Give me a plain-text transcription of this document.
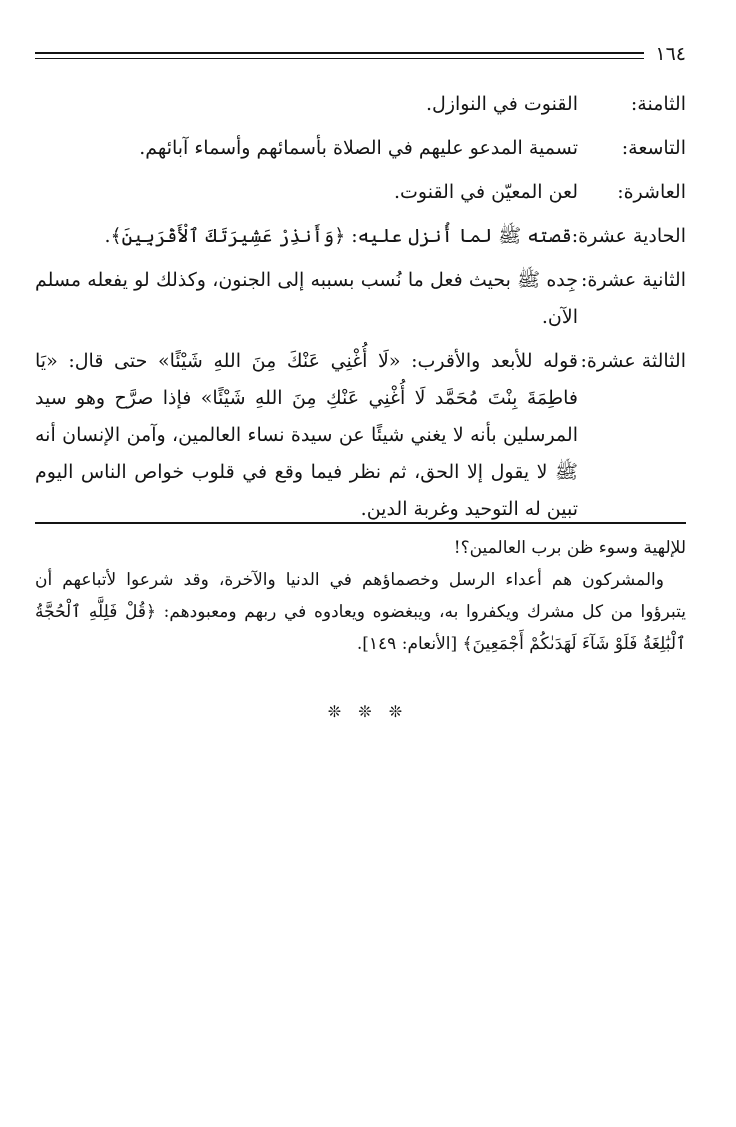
١٦٤
الثامنة:
القنوت في النوازل.
التاسعة:
تسمية المدعو عليهم في الصلاة بأسمائهم وأسماء آبائهم.
العاشرة:
لعن المعيّن في القنوت.
الحادية عشرة:
قصته ﷺ لما أُنزل عليه: ﴿وَأَنذِرْ عَشِيرَتَكَ ٱلْأَقْرَبِينَ﴾.
الثانية عشرة:
جِده ﷺ بحيث فعل ما نُسب بسببه إلى الجنون، وكذلك لو يفعله مسلم الآن.
الثالثة عشرة:
قوله للأبعد والأقرب: «لَا أُغْنِي عَنْكَ مِنَ اللهِ شَيْئًا» حتى قال: «يَا فاطِمَةَ بِنْتَ مُحَمَّد لَا أُغْنِي عَنْكِ مِنَ اللهِ شَيْئًا» فإذا صرَّح وهو سيد المرسلين بأنه لا يغني شيئًا عن سيدة نساء العالمين، وآمن الإنسان أنه ﷺ لا يقول إلا الحق، ثم نظر فيما وقع في قلوب خواص الناس اليوم تبين له التوحيد وغربة الدين.

للإلهية وسوء ظن برب العالمين؟!

والمشركون هم أعداء الرسل وخصماؤهم في الدنيا والآخرة، وقد شرعوا لأتباعهم أن يتبرؤوا من كل مشرك ويكفروا به، ويبغضوه ويعادوه في ربهم ومعبودهم: ﴿قُلْ فَلِلَّهِ ٱلْحُجَّةُ ٱلْبَٰلِغَةُ فَلَوْ شَآءَ لَهَدَىٰكُمْ أَجْمَعِينَ﴾ [الأنعام: ١٤٩].

❊ ❊ ❊
